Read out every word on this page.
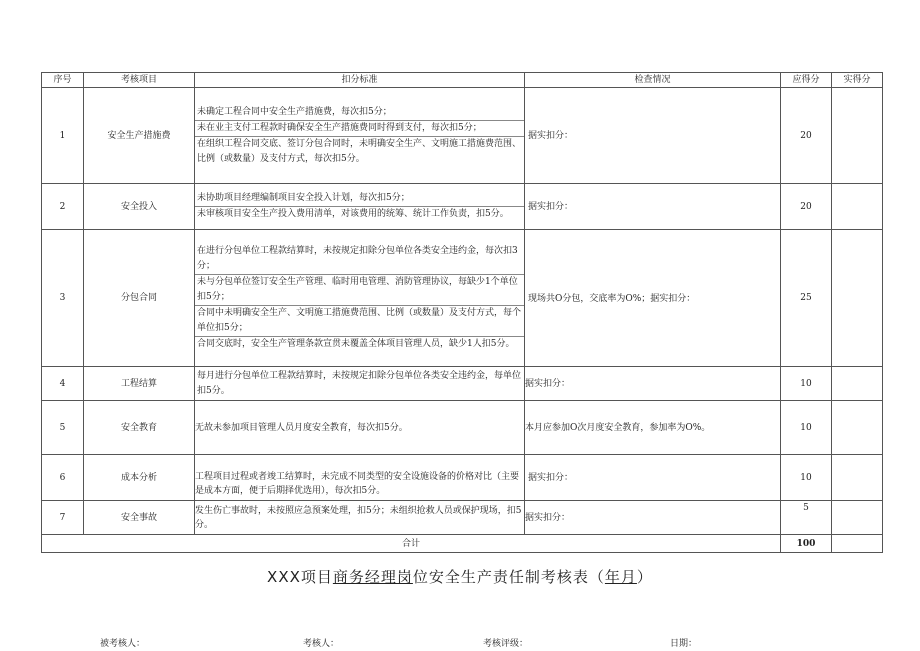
序号	考核项目	扣分标准	检查情况	应得分	实得分
1	安全生产措施费	未确定工程合同中安全生产措施费，每次扣5分；
未在业主支付工程款时确保安全生产措施费同时得到支付，每次扣5分；
在组织工程合同交底、签订分包合同时，未明确安全生产、文明施工措施费范围、比例（或数量）及支付方式，每次扣5分。	据实扣分：	20	
2	安全投入	未协助项目经理编制项目安全投入计划，每次扣5分；
未审核项目安全生产投入费用清单，对该费用的统筹、统计工作负责，扣5分。	据实扣分：	20	
3	分包合同	在进行分包单位工程款结算时，未按规定扣除分包单位各类安全违约金，每次扣3分；
未与分包单位签订安全生产管理、临时用电管理、消防管理协议，每缺少1个单位扣5分；
合同中未明确安全生产、文明施工措施费范围、比例（或数量）及支付方式，每个单位扣5分；
合同交底时，安全生产管理条款宣贯未覆盖全体项目管理人员，缺少1人扣5分。	现场共O分包，交底率为O%；据实扣分：	25	
4	工程结算	每月进行分包单位工程款结算时，未按规定扣除分包单位各类安全违约金，每单位扣5分。	据实扣分：	10	
5	安全教育	无故未参加项目管理人员月度安全教育，每次扣5分。	本月应参加O次月度安全教育，参加率为O%。	10	
6	成本分析	工程项目过程或者竣工结算时，未完成不同类型的安全设施设备的价格对比（主要是成本方面，便于后期择优选用），每次扣5分。	据实扣分：	10	
7	安全事故	发生伤亡事故时，未按照应急预案处理，扣5分；未组织抢救人员或保护现场，扣5分。	据实扣分：	5	
合计				100	
XXX项目商务经理岗位安全生产责任制考核表（年月）
被考核人：	考核人：	考核评级：	日期：
